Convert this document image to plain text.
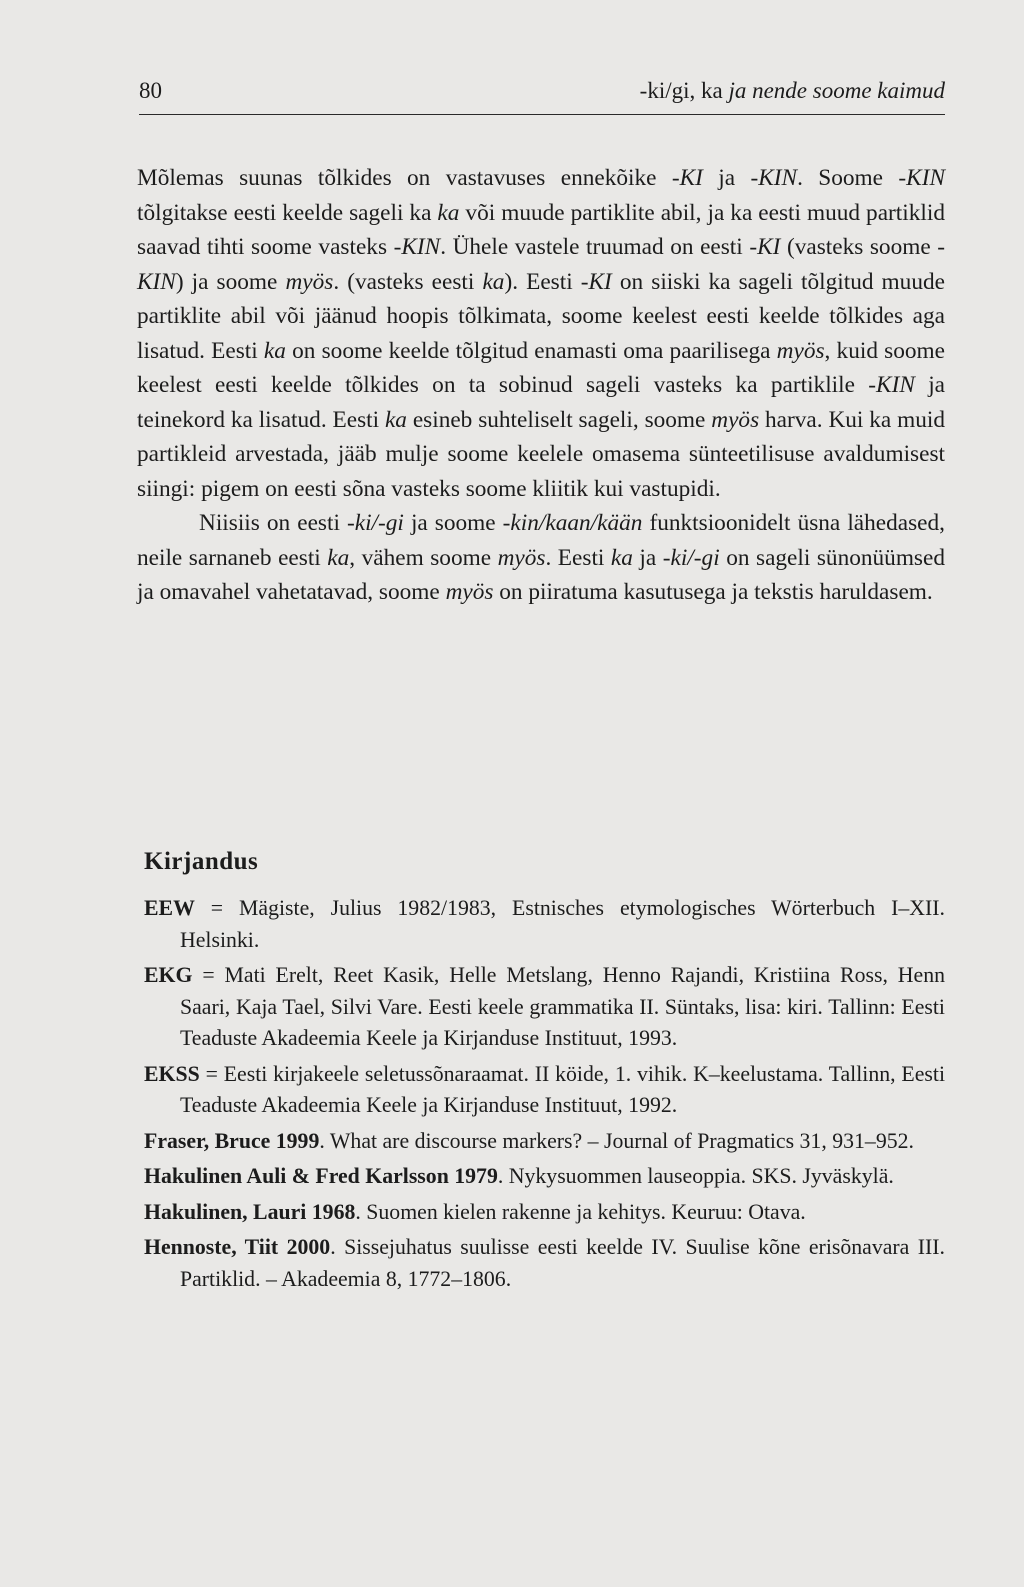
80	-ki/gi, ka ja nende soome kaimud

Mõlemas suunas tõlkides on vastavuses ennekõike -KI ja -KIN. Soome -KIN tõlgitakse eesti keelde sageli ka ka või muude partiklite abil, ja ka eesti muud partiklid saavad tihti soome vasteks -KIN. Ühele vastele truumad on eesti -KI (vasteks soome -KIN) ja soome myös. (vasteks eesti ka). Eesti -KI on siiski ka sageli tõlgitud muude partiklite abil või jäänud hoopis tõlkimata, soome keelest eesti keelde tõlkides aga lisatud. Eesti ka on soome keelde tõlgitud enamasti oma paarilisega myös, kuid soome keelest eesti keelde tõlkides on ta sobinud sageli vasteks ka partiklile -KIN ja teinekord ka lisatud. Eesti ka esineb suhteliselt sageli, soome myös harva. Kui ka muid partikleid arvestada, jääb mulje soome keelele omasema sünteetilisuse avaldumisest siingi: pigem on eesti sõna vasteks soome kliitik kui vastupidi.

Niisiis on eesti -ki/-gi ja soome -kin/kaan/kään funktsioonidelt üsna lähedased, neile sarnaneb eesti ka, vähem soome myös. Eesti ka ja -ki/-gi on sageli sünonüümsed ja omavahel vahetatavad, soome myös on piiratuma kasutusega ja tekstis haruldasem.

Kirjandus
EEW = Mägiste, Julius 1982/1983, Estnisches etymologisches Wörterbuch I–XII. Helsinki.
EKG = Mati Erelt, Reet Kasik, Helle Metslang, Henno Rajandi, Kristiina Ross, Henn Saari, Kaja Tael, Silvi Vare. Eesti keele grammatika II. Süntaks, lisa: kiri. Tallinn: Eesti Teaduste Akadeemia Keele ja Kirjanduse Instituut, 1993.
EKSS = Eesti kirjakeele seletussõnaraamat. II köide, 1. vihik. K–keelustama. Tallinn, Eesti Teaduste Akadeemia Keele ja Kirjanduse Instituut, 1992.
Fraser, Bruce 1999. What are discourse markers? – Journal of Pragmatics 31, 931–952.
Hakulinen Auli & Fred Karlsson 1979. Nykysuommen lauseoppia. SKS. Jyväskylä.
Hakulinen, Lauri 1968. Suomen kielen rakenne ja kehitys. Keuruu: Otava.
Hennoste, Tiit 2000. Sissejuhatus suulisse eesti keelde IV. Suulise kõne erisõnavara III. Partiklid. – Akadeemia 8, 1772–1806.
